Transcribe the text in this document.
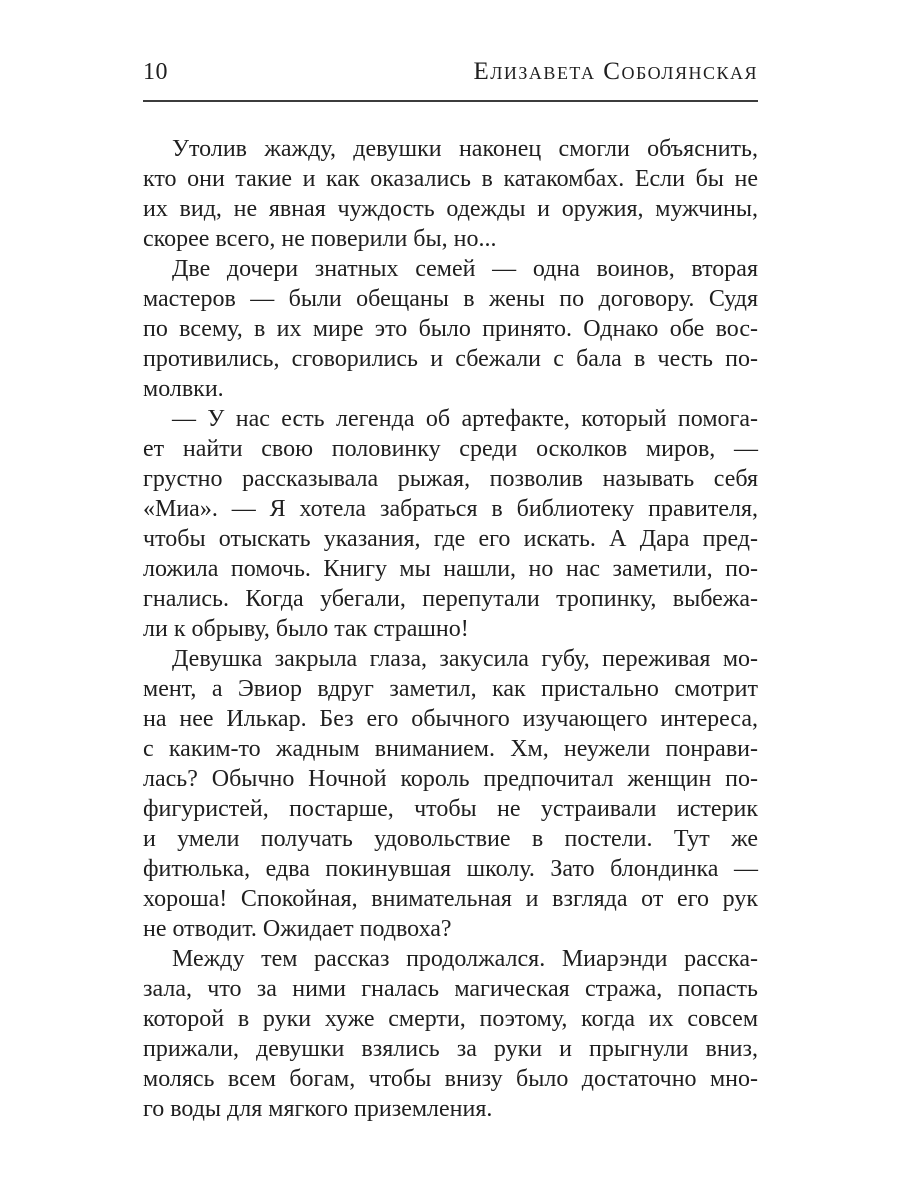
10	Елизавета Соболянская
Утолив жажду, девушки наконец смогли объяснить,
кто они такие и как оказались в катакомбах. Если бы не
их вид, не явная чуждость одежды и оружия, мужчины,
скорее всего, не поверили бы, но...
Две дочери знатных семей — одна воинов, вторая
мастеров — были обещаны в жены по договору. Судя
по всему, в их мире это было принято. Однако обе вос-
противились, сговорились и сбежали с бала в честь по-
молвки.
— У нас есть легенда об артефакте, который помога-
ет найти свою половинку среди осколков миров, —
грустно рассказывала рыжая, позволив называть себя
«Миа». — Я хотела забраться в библиотеку правителя,
чтобы отыскать указания, где его искать. А Дара пред-
ложила помочь. Книгу мы нашли, но нас заметили, по-
гнались. Когда убегали, перепутали тропинку, выбежа-
ли к обрыву, было так страшно!
Девушка закрыла глаза, закусила губу, переживая мо-
мент, а Эвиор вдруг заметил, как пристально смотрит
на нее Илькар. Без его обычного изучающего интереса,
с каким-то жадным вниманием. Хм, неужели понрави-
лась? Обычно Ночной король предпочитал женщин по-
фигуристей, постарше, чтобы не устраивали истерик
и умели получать удовольствие в постели. Тут же
фитюлька, едва покинувшая школу. Зато блондинка —
хороша! Спокойная, внимательная и взгляда от его рук
не отводит. Ожидает подвоха?
Между тем рассказ продолжался. Миарэнди расска-
зала, что за ними гналась магическая стража, попасть
которой в руки хуже смерти, поэтому, когда их совсем
прижали, девушки взялись за руки и прыгнули вниз,
молясь всем богам, чтобы внизу было достаточно мно-
го воды для мягкого приземления.
